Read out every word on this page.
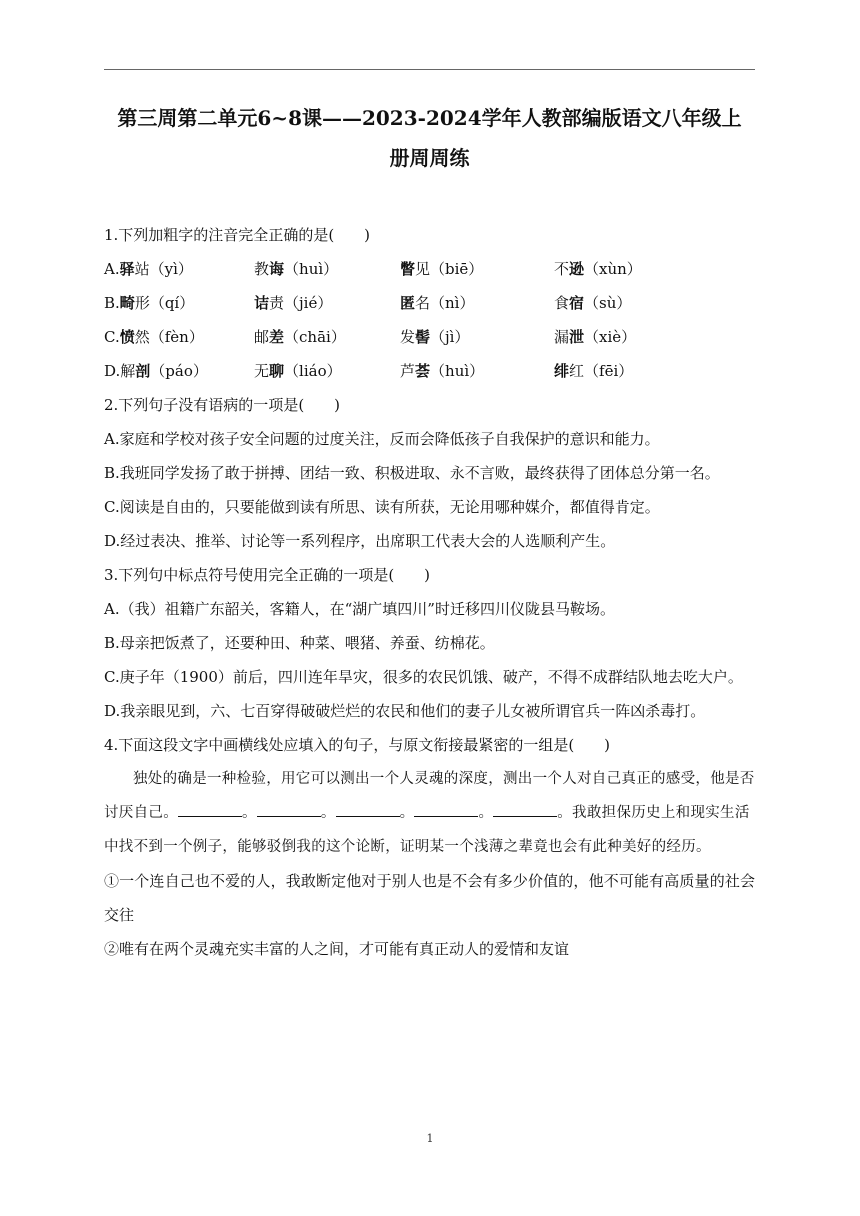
第三周第二单元6~8课——2023-2024学年人教部编版语文八年级上
册周周练
1.下列加粗字的注音完全正确的是(　　)
A.驿站（yì）	教诲（huì）	瞥见（biē）	不逊（xùn）
B.畸形（qí）	诘责（jié）	匿名（nì）	食宿（sù）
C.愤然（fèn）	邮差（chāi）	发髻（jì）	漏泄（xiè）
D.解剖（páo）	无聊（liáo）	芦荟（huì）	绯红（fēi）
2.下列句子没有语病的一项是(　　)
A.家庭和学校对孩子安全问题的过度关注，反而会降低孩子自我保护的意识和能力。
B.我班同学发扬了敢于拼搏、团结一致、积极进取、永不言败，最终获得了团体总分第一名。
C.阅读是自由的，只要能做到读有所思、读有所获，无论用哪种媒介，都值得肯定。
D.经过表决、推举、讨论等一系列程序，出席职工代表大会的人选顺利产生。
3.下列句中标点符号使用完全正确的一项是(　　)
A.（我）祖籍广东韶关，客籍人，在“湖广填四川”时迁移四川仪陇县马鞍场。
B.母亲把饭煮了，还要种田、种菜、喂猪、养蚕、纺棉花。
C.庚子年（1900）前后，四川连年旱灾，很多的农民饥饿、破产，不得不成群结队地去吃大户。
D.我亲眼见到，六、七百穿得破破烂烂的农民和他们的妻子儿女被所谓官兵一阵凶杀毒打。
4.下面这段文字中画横线处应填入的句子，与原文衔接最紧密的一组是(　　)
独处的确是一种检验，用它可以测出一个人灵魂的深度，测出一个人对自己真正的感受，他是否讨厌自己。	。	。	。	。	。我敢担保历史上和现实生活中找不到一个例子，能够驳倒我的这个论断，证明某一个浅薄之辈竟也会有此种美好的经历。
①一个连自己也不爱的人，我敢断定他对于别人也是不会有多少价值的，他不可能有高质量的社会交往
②唯有在两个灵魂充实丰富的人之间，才可能有真正动人的爱情和友谊
1
